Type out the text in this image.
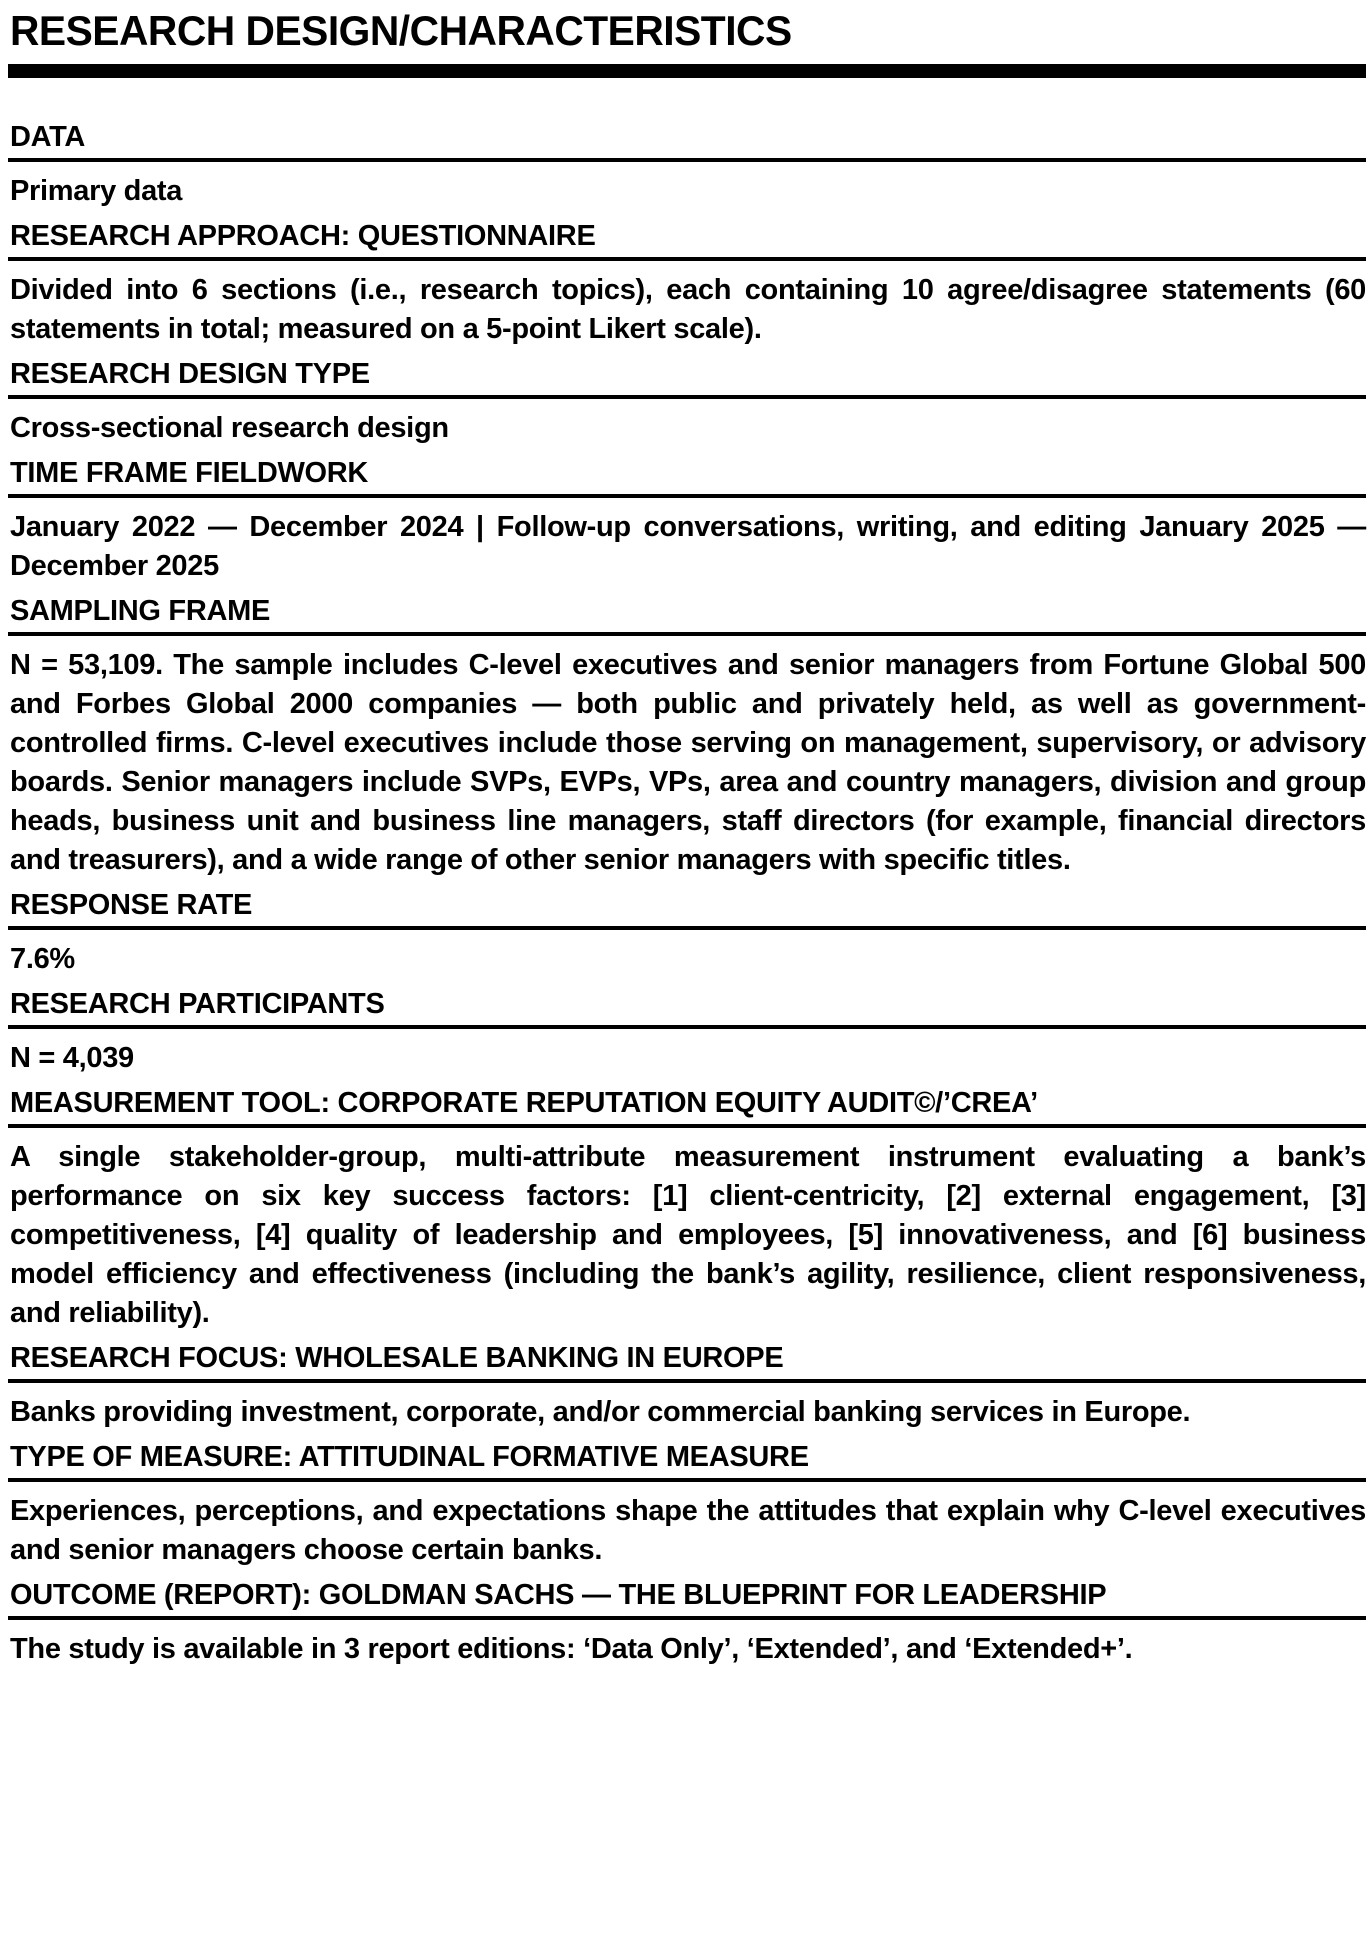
RESEARCH DESIGN/CHARACTERISTICS
DATA
Primary data
RESEARCH APPROACH: QUESTIONNAIRE
Divided into 6 sections (i.e., research topics), each containing 10 agree/disagree statements (60 statements in total; measured on a 5-point Likert scale).
RESEARCH DESIGN TYPE
Cross-sectional research design
TIME FRAME FIELDWORK
January 2022 — December 2024 | Follow-up conversations, writing, and editing January 2025 — December 2025
SAMPLING FRAME
N = 53,109. The sample includes C-level executives and senior managers from Fortune Global 500 and Forbes Global 2000 companies — both public and privately held, as well as government-controlled firms. C-level executives include those serving on management, supervisory, or advisory boards. Senior managers include SVPs, EVPs, VPs, area and country managers, division and group heads, business unit and business line managers, staff directors (for example, financial directors and treasurers), and a wide range of other senior managers with specific titles.
RESPONSE RATE
7.6%
RESEARCH PARTICIPANTS
N = 4,039
MEASUREMENT TOOL: CORPORATE REPUTATION EQUITY AUDIT©/’CREA’
A single stakeholder-group, multi-attribute measurement instrument evaluating a bank’s performance on six key success factors: [1] client-centricity, [2] external engagement, [3] competitiveness, [4] quality of leadership and employees, [5] innovativeness, and [6] business model efficiency and effectiveness (including the bank’s agility, resilience, client responsiveness, and reliability).
RESEARCH FOCUS: WHOLESALE BANKING IN EUROPE
Banks providing investment, corporate, and/or commercial banking services in Europe.
TYPE OF MEASURE: ATTITUDINAL FORMATIVE MEASURE
Experiences, perceptions, and expectations shape the attitudes that explain why C-level executives and senior managers choose certain banks.
OUTCOME (REPORT): GOLDMAN SACHS — THE BLUEPRINT FOR LEADERSHIP
The study is available in 3 report editions: ‘Data Only’, ‘Extended’, and ‘Extended+’.
